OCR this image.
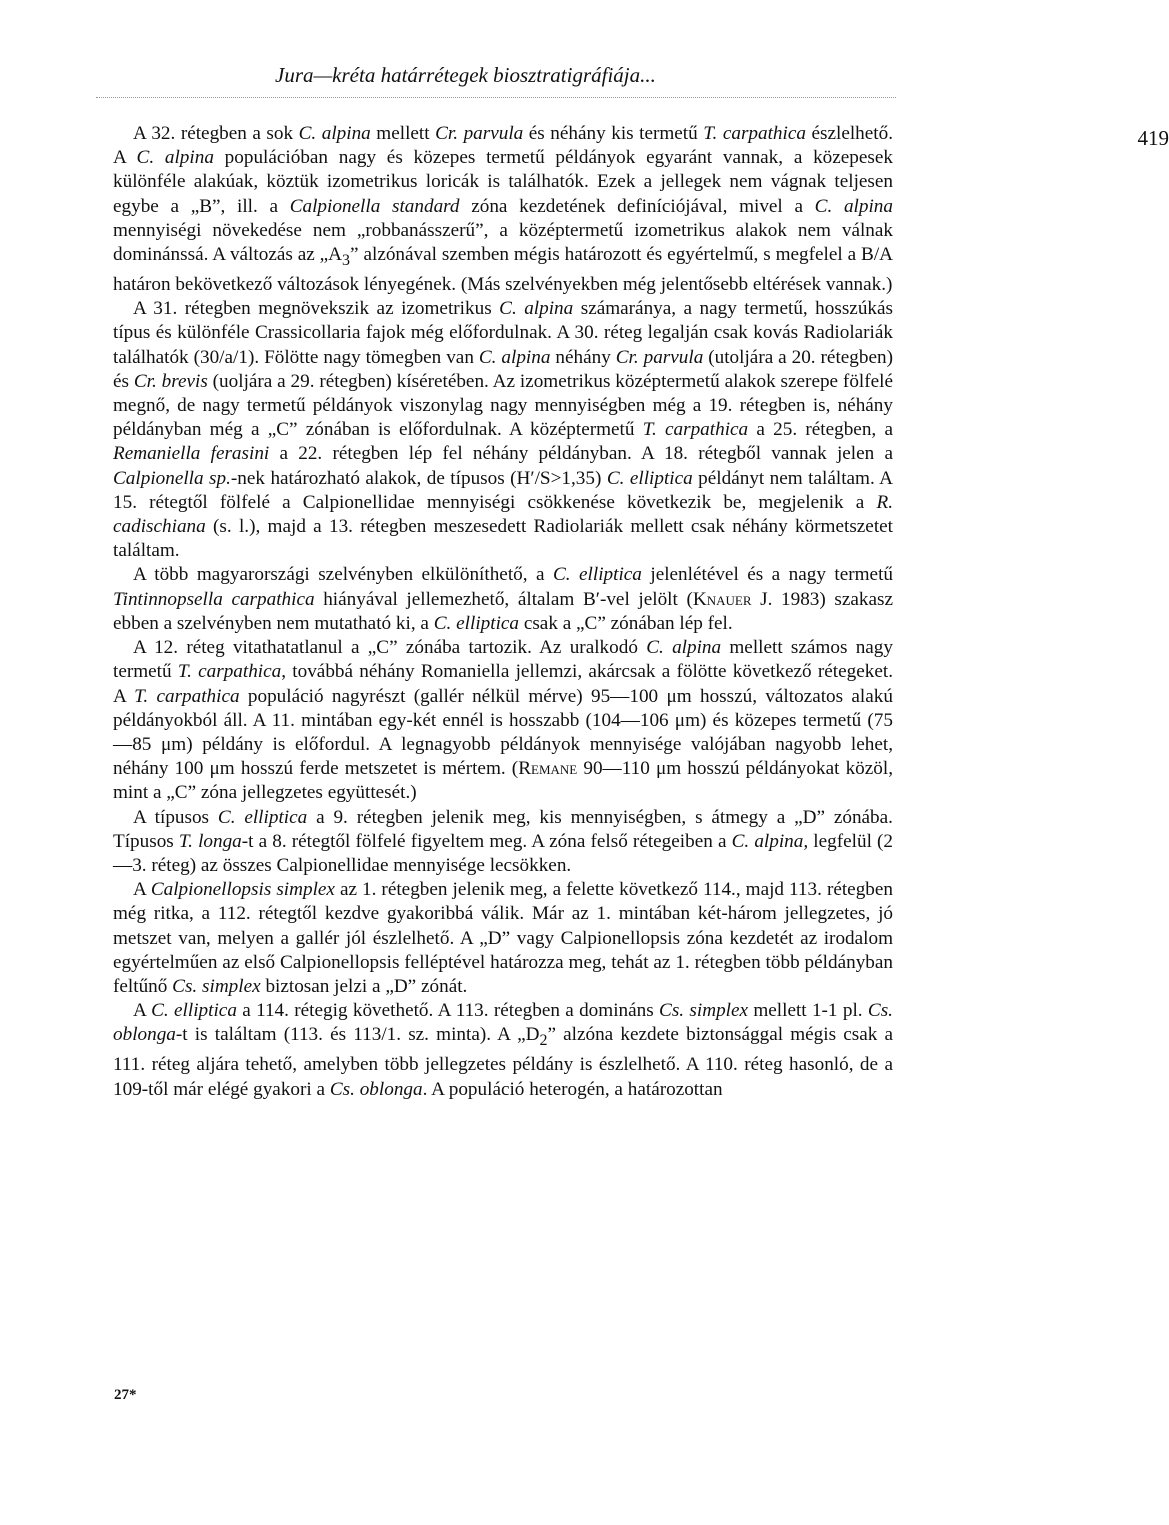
Jura—kréta határrétegek biosztratigráfiája...
419

A 32. rétegben a sok C. alpina mellett Cr. parvula és néhány kis termetű T. carpathica észlelhető. A C. alpina populációban nagy és közepes termetű példányok egyaránt vannak, a közepesek különféle alakúak, köztük izometrikus loricák is találhatók. Ezek a jellegek nem vágnak teljesen egybe a „B”, ill. a Calpionella standard zóna kezdetének definíciójával, mivel a C. alpina mennyiségi növekedése nem „robbanásszerű”, a középtermetű izometrikus alakok nem válnak dominánssá. A változás az $„A_3$” alzónával szemben mégis határozott és egyértelmű, s megfelel a B/A határon bekövetkező változások lényegének. (Más szelvényekben még jelentősebb eltérések vannak.)

A 31. rétegben megnövekszik az izometrikus C. alpina számaránya, a nagy termetű, hosszúkás típus és különféle Crassicollaria fajok még előfordulnak. A 30. réteg legalján csak kovás Radiolariák találhatók (30/a/1). Fölötte nagy tömegben van C. alpina néhány Cr. parvula (utoljára a 20. rétegben) és Cr. brevis (uoljára a 29. rétegben) kíséretében. Az izometrikus középtermetű alakok szerepe fölfelé megnő, de nagy termetű példányok viszonylag nagy mennyiségben még a 19. rétegben is, néhány példányban még a „C” zónában is előfordulnak. A középtermetű T. carpathica a 25. rétegben, a Remaniella ferasini a 22. rétegben lép fel néhány példányban. A 18. rétegből vannak jelen a Calpionella sp.-nek határozható alakok, de típusos (H′/S>1,35) C. elliptica példányt nem találtam. A 15. rétegtől fölfelé a Calpionellidae mennyiségi csökkenése következik be, megjelenik a R. cadischiana (s. l.), majd a 13. rétegben meszesedett Radiolariák mellett csak néhány körmetszetet találtam.

A több magyarországi szelvényben elkülöníthető, a C. elliptica jelenlétével és a nagy termetű Tintinnopsella carpathica hiányával jellemezhető, általam B′-vel jelölt (Knauer J. 1983) szakasz ebben a szelvényben nem mutatható ki, a C. elliptica csak a „C” zónában lép fel.

A 12. réteg vitathatatlanul a „C” zónába tartozik. Az uralkodó C. alpina mellett számos nagy termetű T. carpathica, továbbá néhány Romaniella jellemzi, akárcsak a fölötte következő rétegeket. A T. carpathica populáció nagyrészt (gallér nélkül mérve) 95—100 μm hosszú, változatos alakú példányokból áll. A 11. mintában egy-két ennél is hosszabb (104—106 μm) és közepes termetű (75—85 μm) példány is előfordul. A legnagyobb példányok mennyisége valójában nagyobb lehet, néhány 100 μm hosszú ferde metszetet is mértem. (Remane 90—110 μm hosszú példányokat közöl, mint a „C” zóna jellegzetes együttesét.)

A típusos C. elliptica a 9. rétegben jelenik meg, kis mennyiségben, s átmegy a „D” zónába. Típusos T. longa-t a 8. rétegtől fölfelé figyeltem meg. A zóna felső rétegeiben a C. alpina, legfelül (2—3. réteg) az összes Calpionellidae mennyisége lecsökken.

A Calpionellopsis simplex az 1. rétegben jelenik meg, a felette következő 114., majd 113. rétegben még ritka, a 112. rétegtől kezdve gyakoribbá válik. Már az 1. mintában két-három jellegzetes, jó metszet van, melyen a gallér jól észlelhető. A „D” vagy Calpionellopsis zóna kezdetét az irodalom egyértelműen az első Calpionellopsis felléptével határozza meg, tehát az 1. rétegben több példányban feltűnő Cs. simplex biztosan jelzi a „D” zónát.

A C. elliptica a 114. rétegig követhető. A 113. rétegben a domináns Cs. simplex mellett 1-1 pl. Cs. oblonga-t is találtam (113. és 113/1. sz. minta). A $„D_2$” alzóna kezdete biztonsággal mégis csak a 111. réteg aljára tehető, amelyben több jellegzetes példány is észlelhető. A 110. réteg hasonló, de a 109-től már elégé gyakori a Cs. oblonga. A populáció heterogén, a határozottan

27*
